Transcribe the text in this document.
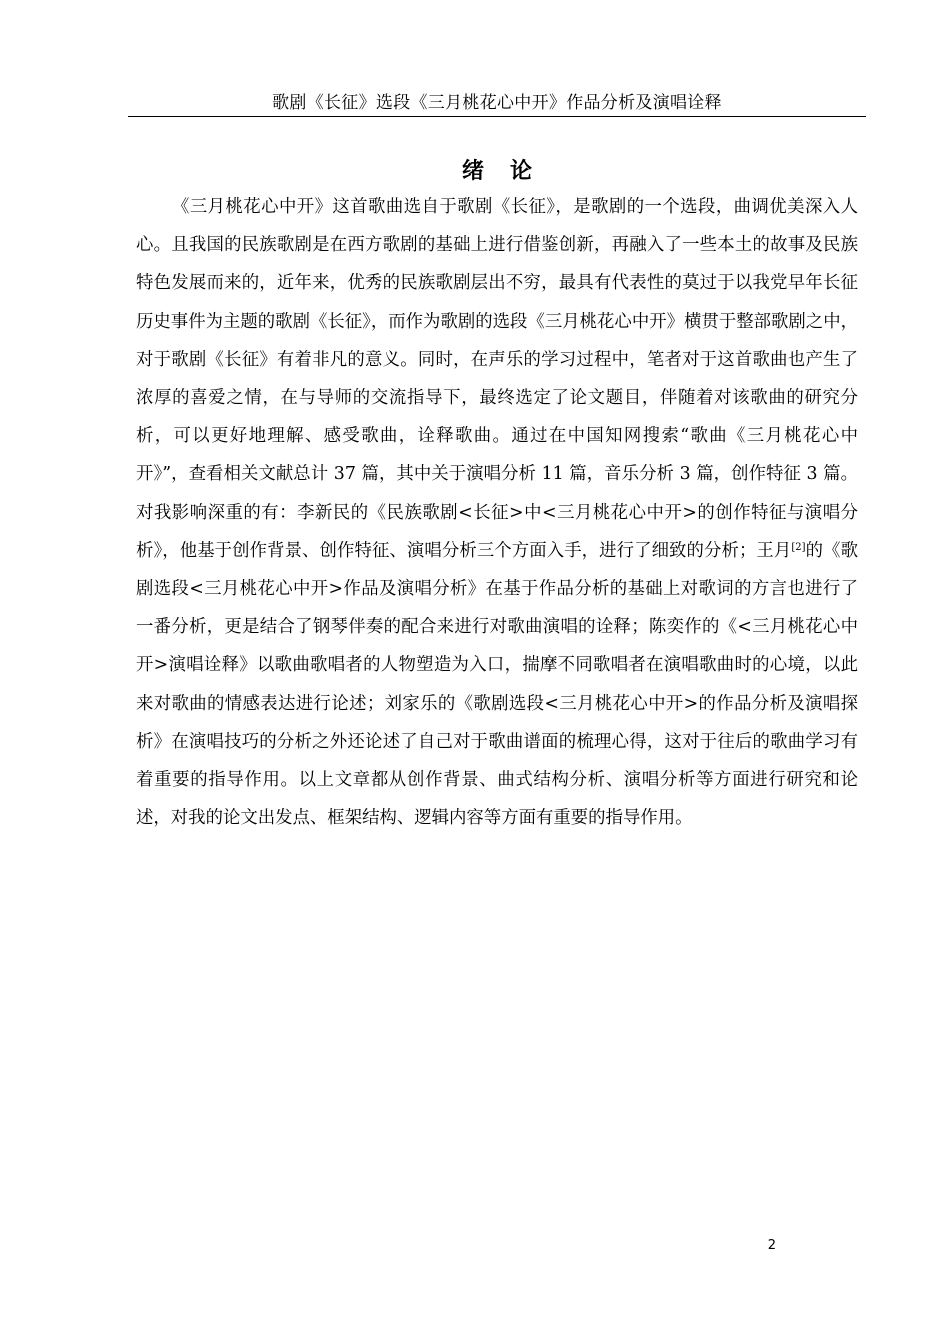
歌剧《长征》选段《三月桃花心中开》作品分析及演唱诠释
绪论

《三月桃花心中开》这首歌曲选自于歌剧《长征》，是歌剧的一个选段，曲调优美深入人心。且我国的民族歌剧是在西方歌剧的基础上进行借鉴创新，再融入了一些本土的故事及民族特色发展而来的，近年来，优秀的民族歌剧层出不穷，最具有代表性的莫过于以我党早年长征历史事件为主题的歌剧《长征》，而作为歌剧的选段《三月桃花心中开》横贯于整部歌剧之中，对于歌剧《长征》有着非凡的意义。同时，在声乐的学习过程中，笔者对于这首歌曲也产生了浓厚的喜爱之情，在与导师的交流指导下，最终选定了论文题目，伴随着对该歌曲的研究分析，可以更好地理解、感受歌曲，诠释歌曲。通过在中国知网搜索“歌曲《三月桃花心中开》”，查看相关文献总计 37 篇，其中关于演唱分析 11 篇，音乐分析 3 篇，创作特征 3 篇。对我影响深重的有：李新民的《民族歌剧<长征>中<三月桃花心中开>的创作特征与演唱分析》，他基于创作背景、创作特征、演唱分析三个方面入手，进行了细致的分析；王月[2]的《歌剧选段<三月桃花心中开>作品及演唱分析》在基于作品分析的基础上对歌词的方言也进行了一番分析，更是结合了钢琴伴奏的配合来进行对歌曲演唱的诠释；陈奕作的《<三月桃花心中开>演唱诠释》以歌曲歌唱者的人物塑造为入口，揣摩不同歌唱者在演唱歌曲时的心境，以此来对歌曲的情感表达进行论述；刘家乐的《歌剧选段<三月桃花心中开>的作品分析及演唱探析》在演唱技巧的分析之外还论述了自己对于歌曲谱面的梳理心得，这对于往后的歌曲学习有着重要的指导作用。以上文章都从创作背景、曲式结构分析、演唱分析等方面进行研究和论述，对我的论文出发点、框架结构、逻辑内容等方面有重要的指导作用。

2
